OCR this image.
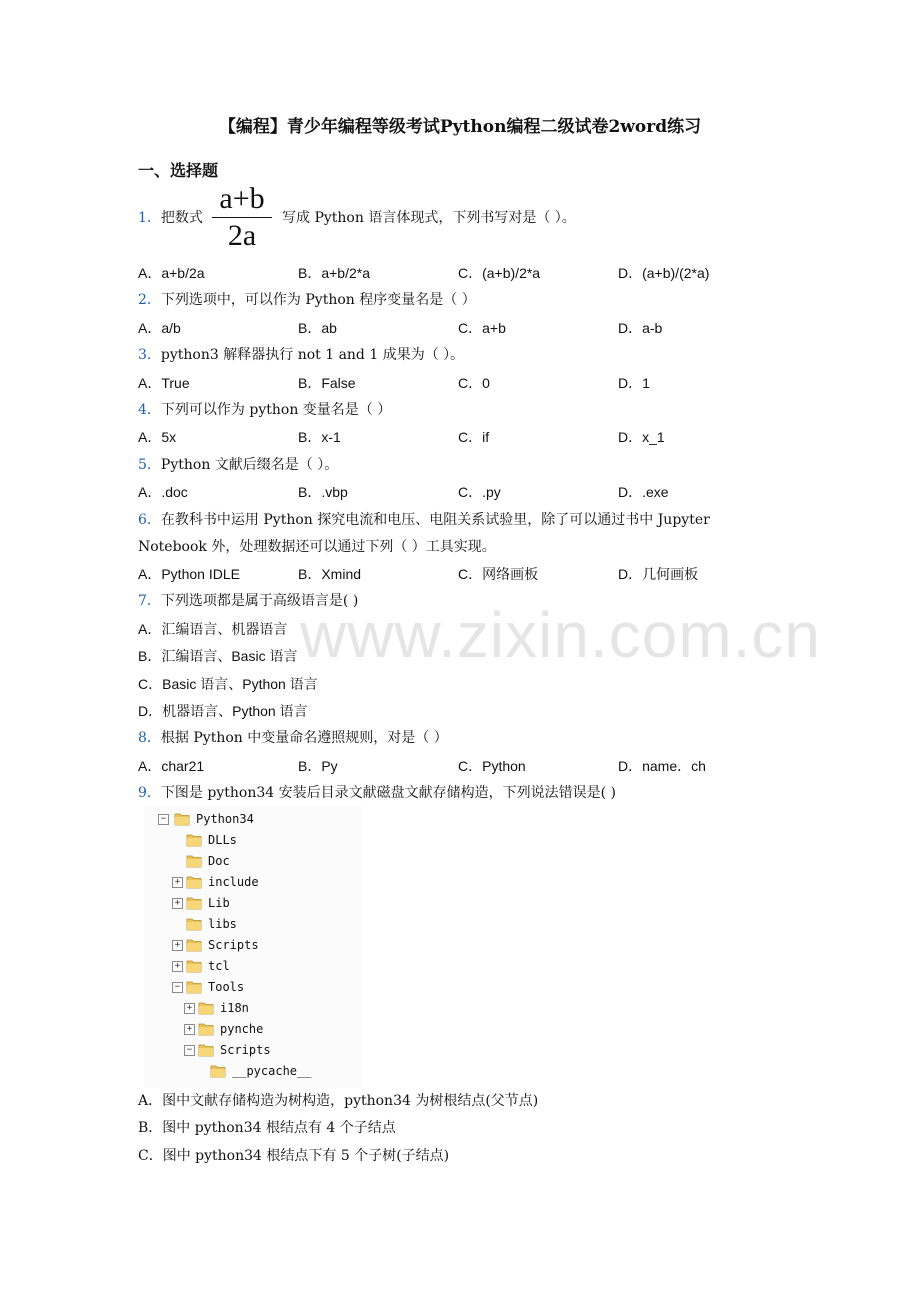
【编程】青少年编程等级考试Python编程二级试卷2word练习
一、选择题
www.zixin.com.cn
1．把数式 $\frac{a+b}{2a}$ 写成 Python 语言体现式，下列书写对是（ ）。
A．a+b/2a	B．a+b/2*a	C．(a+b)/2*a	D．(a+b)/(2*a)
2．下列选项中，可以作为 Python 程序变量名是（ ）
A．a/b	B．ab	C．a+b	D．a-b
3．python3 解释器执行 not 1 and 1 成果为（ ）。
A．True	B．False	C．0	D．1
4．下列可以作为 python 变量名是（ ）
A．5x	B．x-1	C．if	D．x_1
5．Python 文献后缀名是（ ）。
A．.doc	B．.vbp	C．.py	D．.exe
6．在教科书中运用 Python 探究电流和电压、电阻关系试验里，除了可以通过书中 Jupyter
Notebook 外，处理数据还可以通过下列（ ）工具实现。
A．Python IDLE	B．Xmind	C．网络画板	D．几何画板
7．下列选项都是属于高级语言是( )
A．汇编语言、机器语言
B．汇编语言、Basic 语言
C．Basic 语言、Python 语言
D．机器语言、Python 语言
8．根据 Python 中变量命名遵照规则，对是（ ）
A．char21	B．Py	C．Python	D．name．ch
9．下图是 python34 安装后目录文献磁盘文献存储构造，下列说法错误是( )
− Python34
DLLs
Doc
+ include
+ Lib
libs
+ Scripts
+ tcl
− Tools
+ i18n
+ pynche
− Scripts
__pycache__
A．图中文献存储构造为树构造，python34 为树根结点(父节点)
B．图中 python34 根结点有 4 个子结点
C．图中 python34 根结点下有 5 个子树(子结点)
